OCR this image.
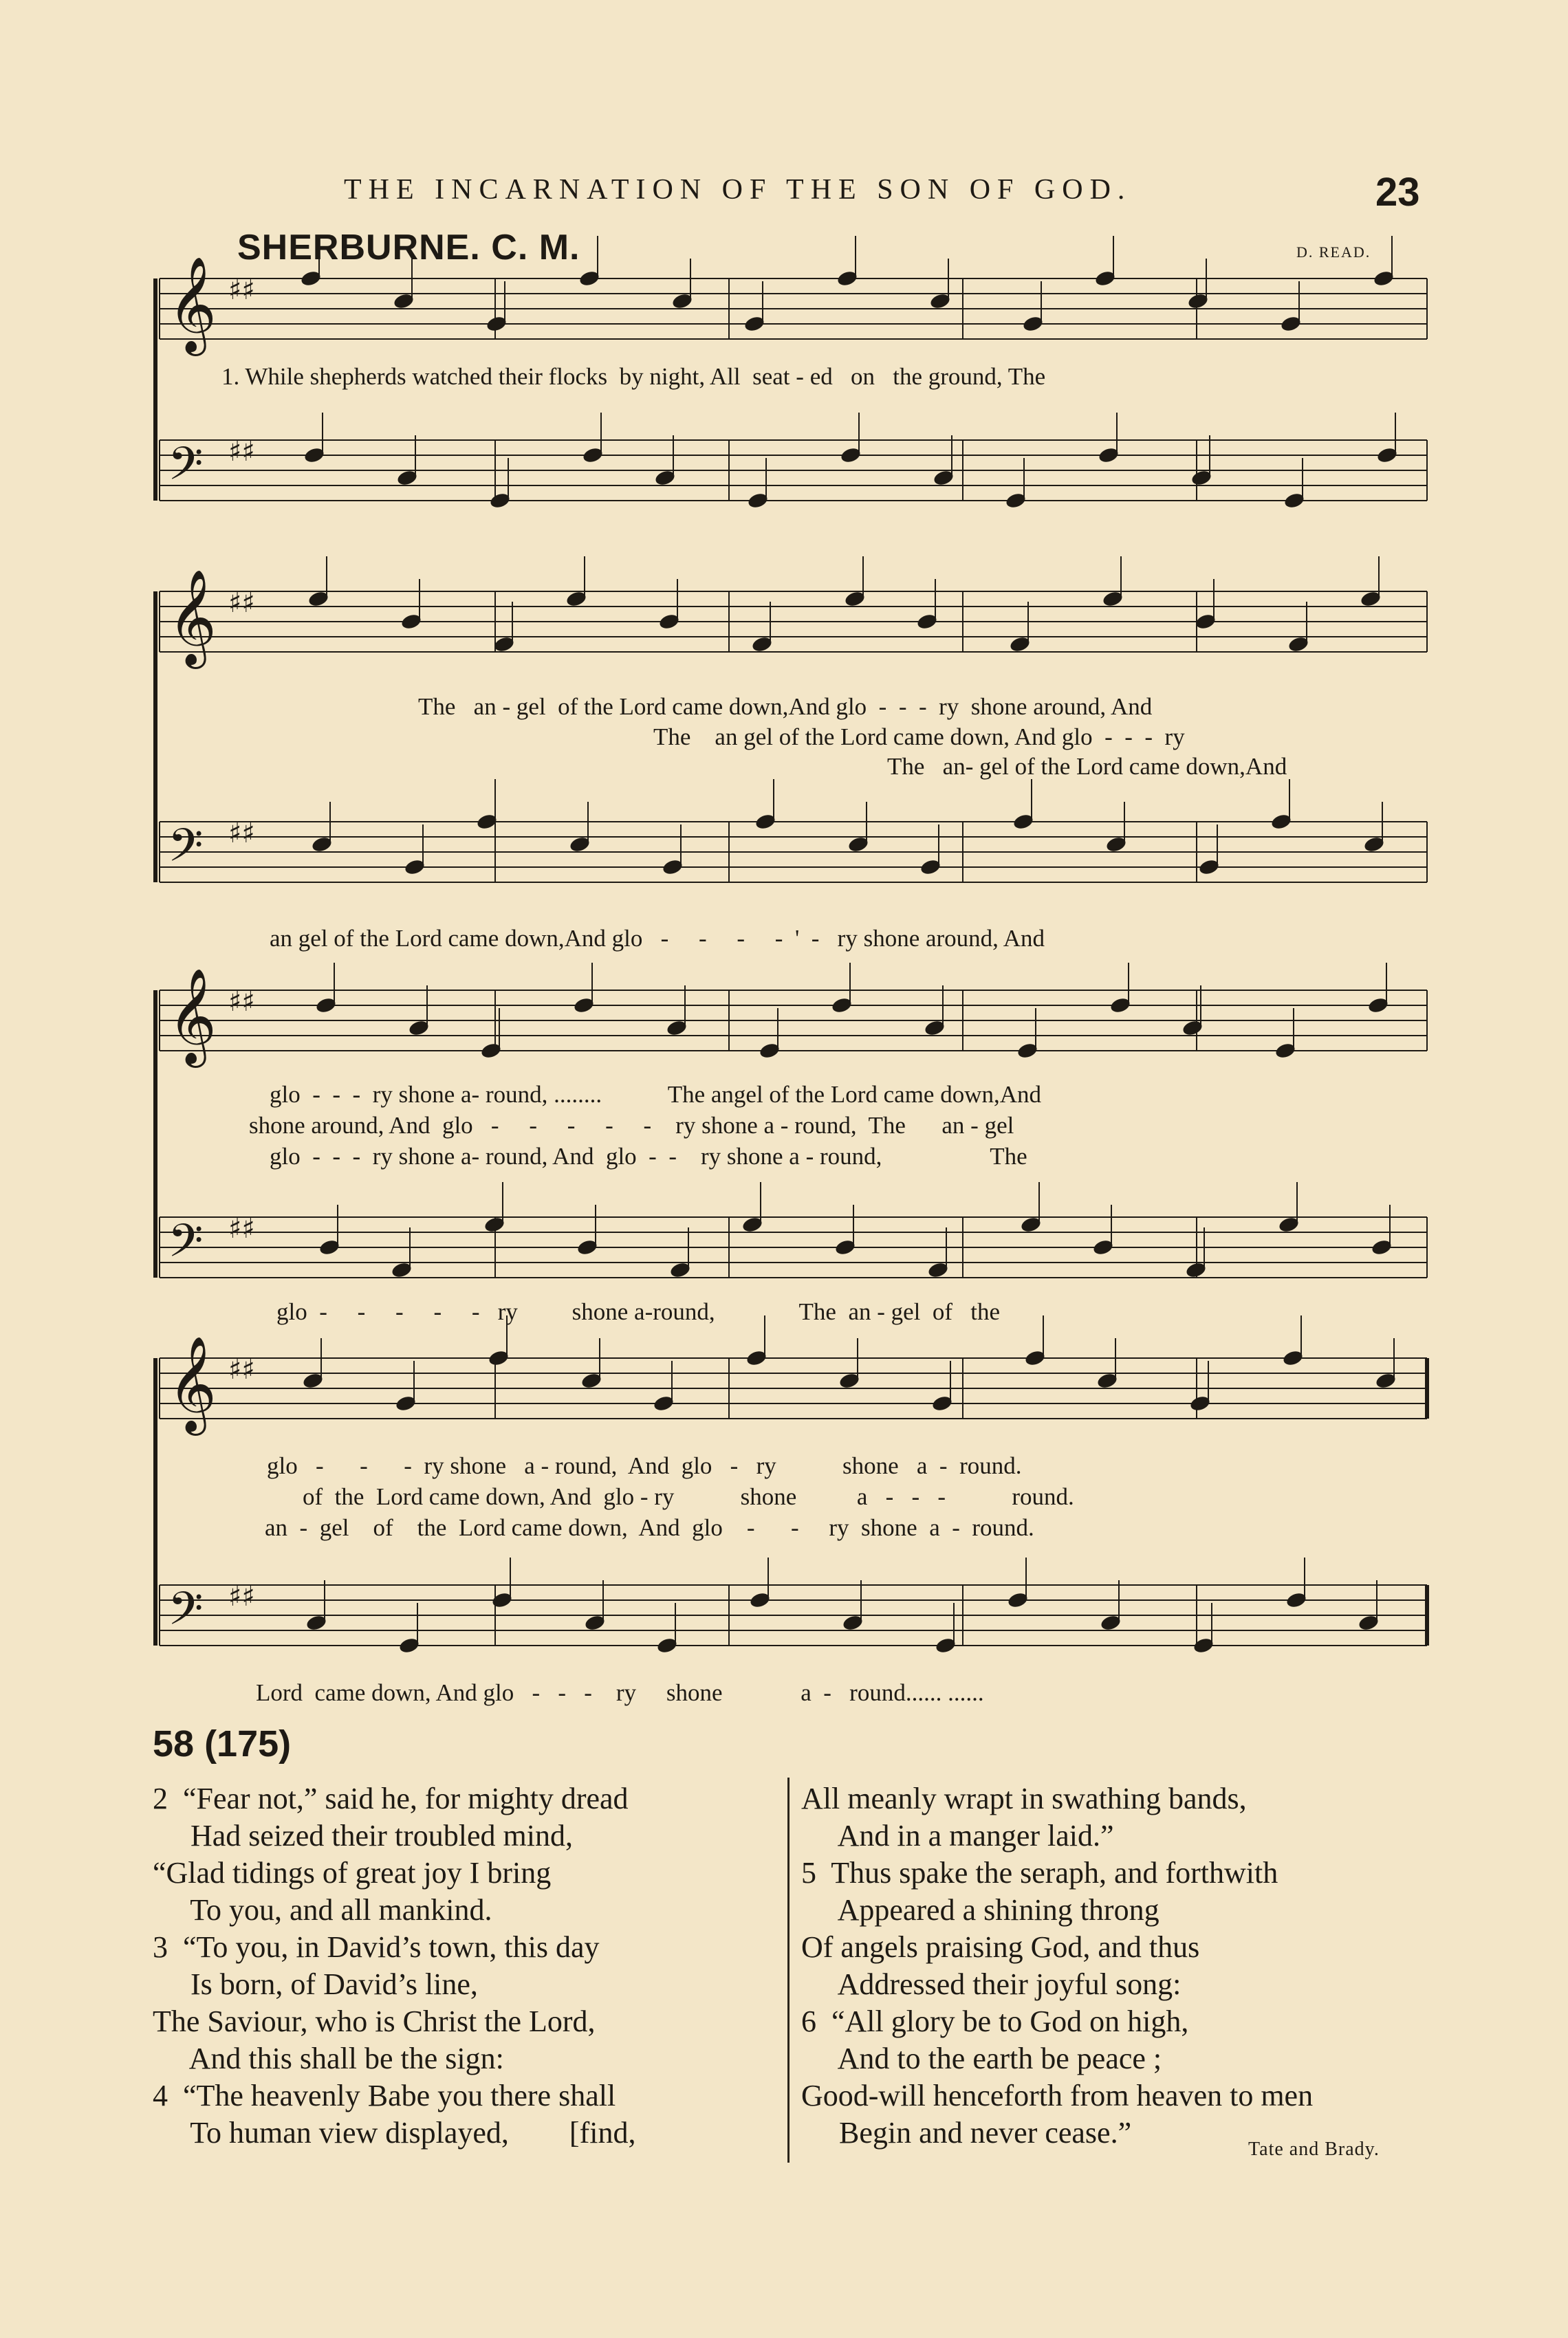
THE INCARNATION OF THE SON OF GOD.	23
SHERBURNE. C. M.	D. READ.
𝄞 ♯♯
𝄢 ♯♯
𝄞 ♯♯
𝄢 ♯♯
𝄞 ♯♯
𝄢 ♯♯
𝄞 ♯♯
𝄢 ♯♯
1. While shepherds watched their flocks  by night, All  seat - ed   on   the ground, The
The   an - gel  of the Lord came down,And glo  -  -  -  ry  shone around, And
The    an gel of the Lord came down, And glo  -  -  -  ry
The   an- gel of the Lord came down,And
an gel of the Lord came down,And glo   -     -     -     -  '  -   ry shone around, And
glo  -  -  -  ry shone a- round, ........           The angel of the Lord came down,And
shone around, And  glo   -     -     -     -     -    ry shone a - round,  The      an - gel
glo  -  -  -  ry shone a- round, And  glo  -  -    ry shone a - round,                  The
glo  -     -     -     -     -   ry         shone a-round,              The  an - gel  of   the
glo   -      -      -  ry shone   a - round,  And  glo   -   ry           shone   a  -  round.
of  the  Lord came down, And  glo - ry           shone          a   -   -   -           round.
an  -  gel    of    the  Lord came down,  And  glo    -      -     ry  shone  a  -  round.
Lord  came down, And glo   -   -   -    ry     shone             a  -   round...... ......
58 (175)
2  “Fear not,” said he, for mighty dread
Had seized their troubled mind,
“Glad tidings of great joy I bring
To you, and all mankind.
3  “To you, in David’s town, this day
Is born, of David’s line,
The Saviour, who is Christ the Lord,
And this shall be the sign:
4  “The heavenly Babe you there shall
To human view displayed,        [find,
All meanly wrapt in swathing bands,
And in a manger laid.”
5  Thus spake the seraph, and forthwith
Appeared a shining throng
Of angels praising God, and thus
Addressed their joyful song:
6  “All glory be to God on high,
And to the earth be peace ;
Good-will henceforth from heaven to men
Begin and never cease.”	Tate and Brady.
